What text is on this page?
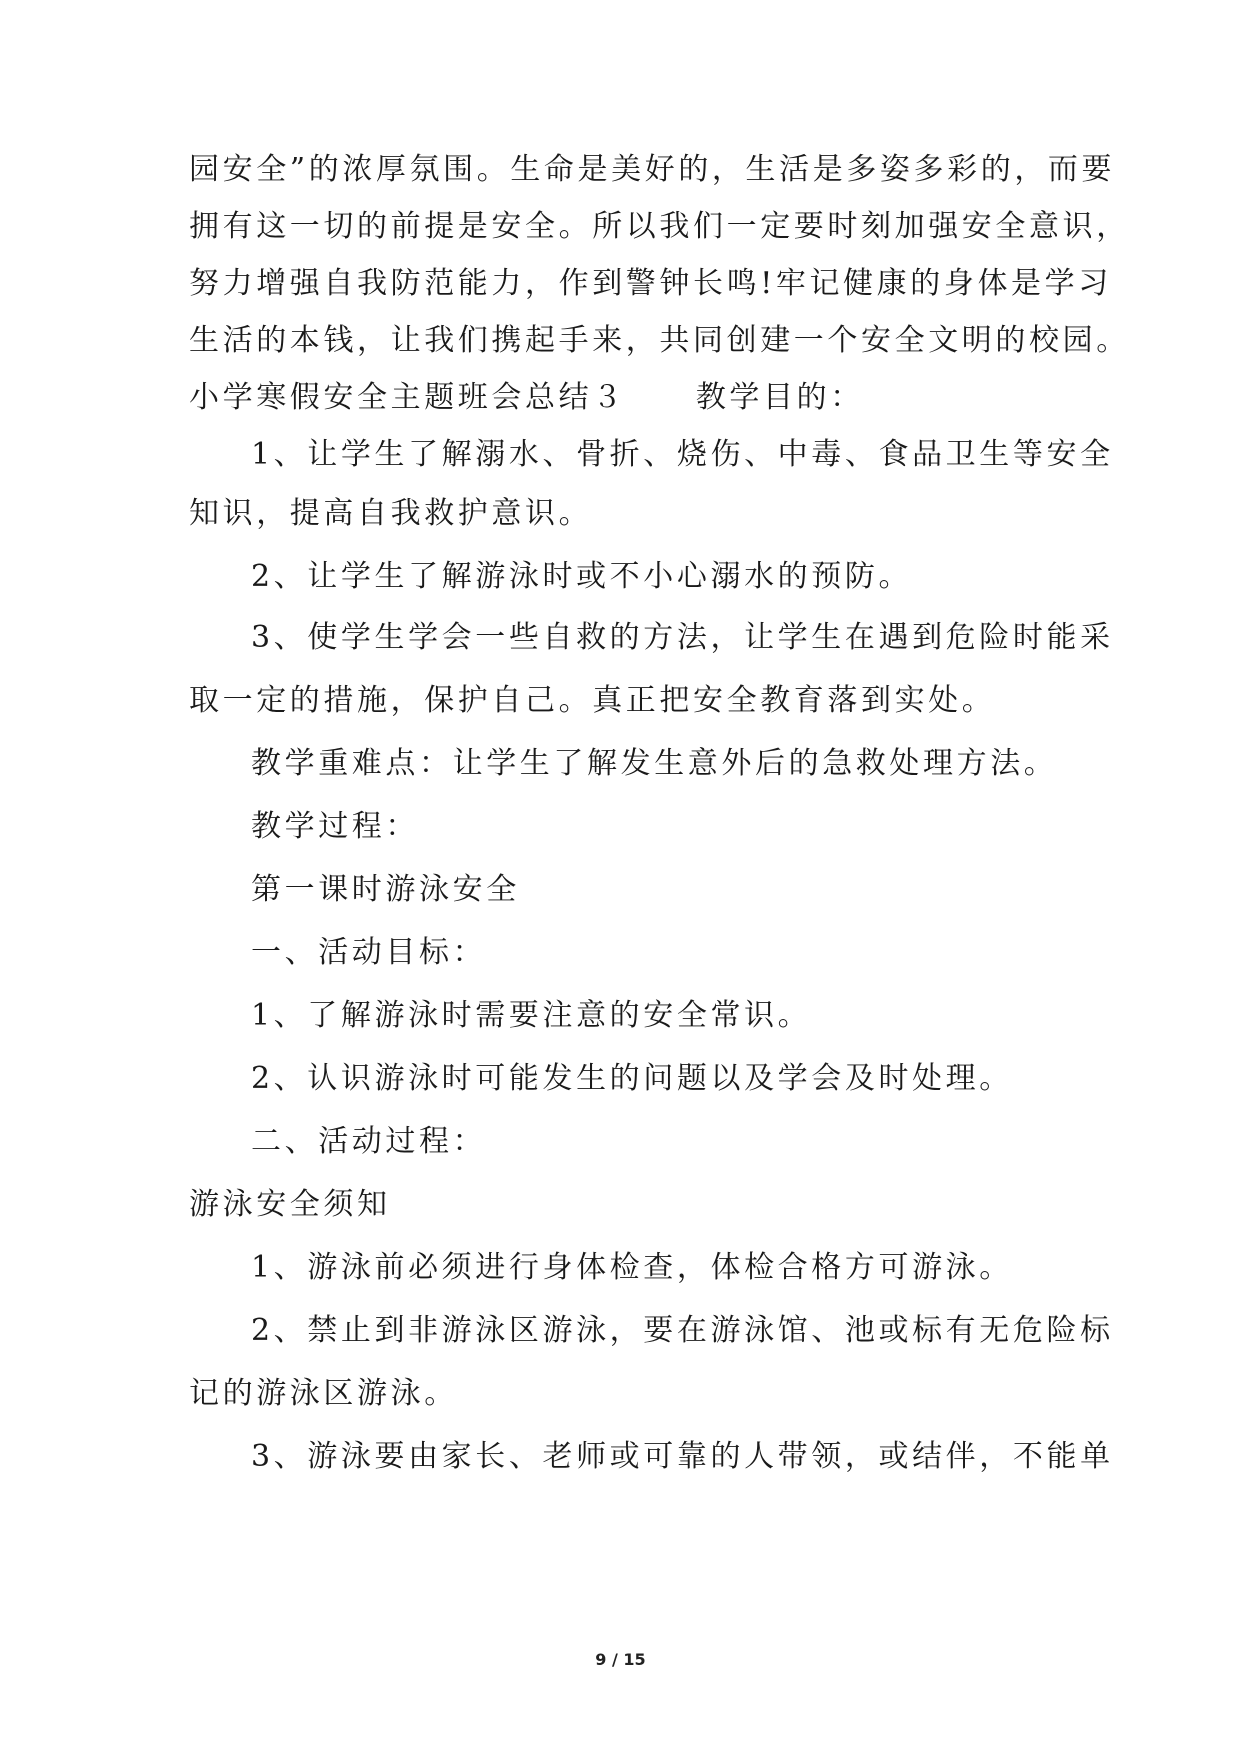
园安全”的浓厚氛围。生命是美好的，生活是多姿多彩的，而要
拥有这一切的前提是安全。所以我们一定要时刻加强安全意识，
努力增强自我防范能力，作到警钟长鸣!牢记健康的身体是学习
生活的本钱，让我们携起手来，共同创建一个安全文明的校园。
小学寒假安全主题班会总结３ 教学目的：
1、让学生了解溺水、骨折、烧伤、中毒、食品卫生等安全
知识，提高自我救护意识。
2、让学生了解游泳时或不小心溺水的预防。
3、使学生学会一些自救的方法，让学生在遇到危险时能采
取一定的措施，保护自己。真正把安全教育落到实处。
教学重难点：让学生了解发生意外后的急救处理方法。
教学过程：
第一课时游泳安全
一、活动目标：
1、了解游泳时需要注意的安全常识。
2、认识游泳时可能发生的问题以及学会及时处理。
二、活动过程：
游泳安全须知
1、游泳前必须进行身体检查，体检合格方可游泳。
2、禁止到非游泳区游泳，要在游泳馆、池或标有无危险标
记的游泳区游泳。
3、游泳要由家长、老师或可靠的人带领，或结伴，不能单
9 / 15
